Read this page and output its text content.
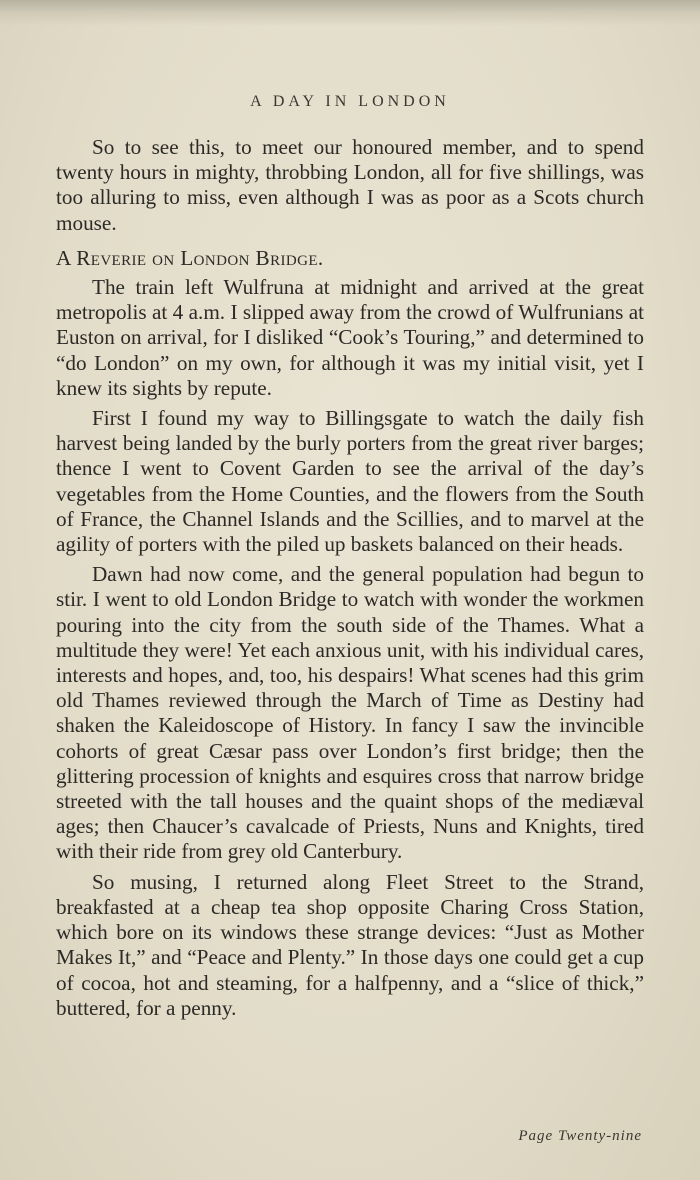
A DAY IN LONDON

So to see this, to meet our honoured member, and to spend twenty hours in mighty, throbbing London, all for five shillings, was too alluring to miss, even although I was as poor as a Scots church mouse.

A Reverie on London Bridge.

The train left Wulfruna at midnight and arrived at the great metropolis at 4 a.m. I slipped away from the crowd of Wulfrunians at Euston on arrival, for I disliked “Cook’s Touring,” and determined to “do London” on my own, for although it was my initial visit, yet I knew its sights by repute.

First I found my way to Billingsgate to watch the daily fish harvest being landed by the burly porters from the great river barges; thence I went to Covent Garden to see the arrival of the day’s vegetables from the Home Counties, and the flowers from the South of France, the Channel Islands and the Scillies, and to marvel at the agility of porters with the piled up baskets balanced on their heads.

Dawn had now come, and the general population had begun to stir. I went to old London Bridge to watch with wonder the workmen pouring into the city from the south side of the Thames. What a multitude they were! Yet each anxious unit, with his individual cares, interests and hopes, and, too, his despairs! What scenes had this grim old Thames reviewed through the March of Time as Destiny had shaken the Kaleidoscope of History. In fancy I saw the invincible cohorts of great Cæsar pass over London’s first bridge; then the glittering procession of knights and esquires cross that narrow bridge streeted with the tall houses and the quaint shops of the mediæval ages; then Chaucer’s cavalcade of Priests, Nuns and Knights, tired with their ride from grey old Canterbury.

So musing, I returned along Fleet Street to the Strand, breakfasted at a cheap tea shop opposite Charing Cross Station, which bore on its windows these strange devices: “Just as Mother Makes It,” and “Peace and Plenty.” In those days one could get a cup of cocoa, hot and steaming, for a halfpenny, and a “slice of thick,” buttered, for a penny.

Page Twenty-nine
